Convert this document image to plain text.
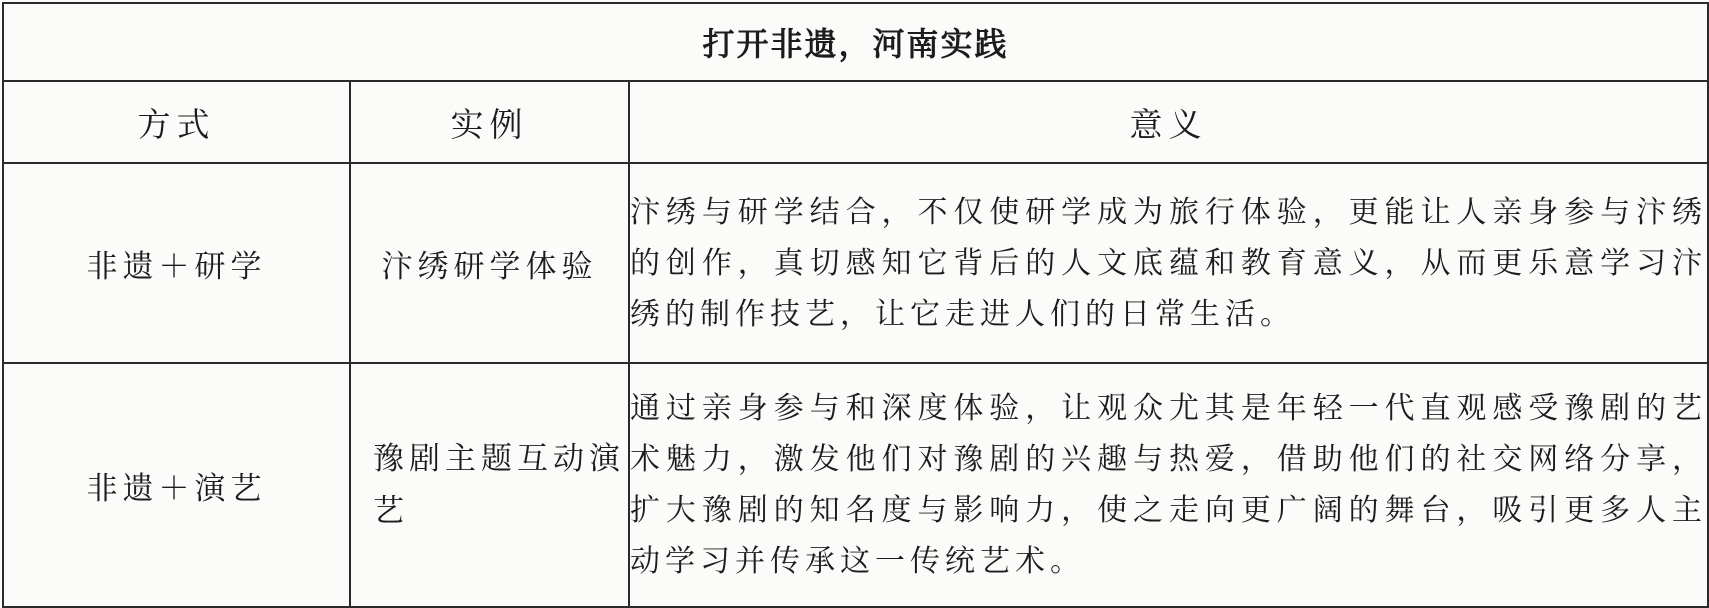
打开非遗，河南实践		
方式	实例	意义
非遗＋研学	汴绣研学体验	汴绣与研学结合，不仅使研学成为旅行体验，更能让人亲身参与汴绣的创作，真切感知它背后的人文底蕴和教育意义，从而更乐意学习汴绣的制作技艺，让它走进人们的日常生活。
非遗＋演艺	豫剧主题互动演艺	通过亲身参与和深度体验，让观众尤其是年轻一代直观感受豫剧的艺术魅力，激发他们对豫剧的兴趣与热爱，借助他们的社交网络分享，扩大豫剧的知名度与影响力，使之走向更广阔的舞台，吸引更多人主动学习并传承这一传统艺术。
